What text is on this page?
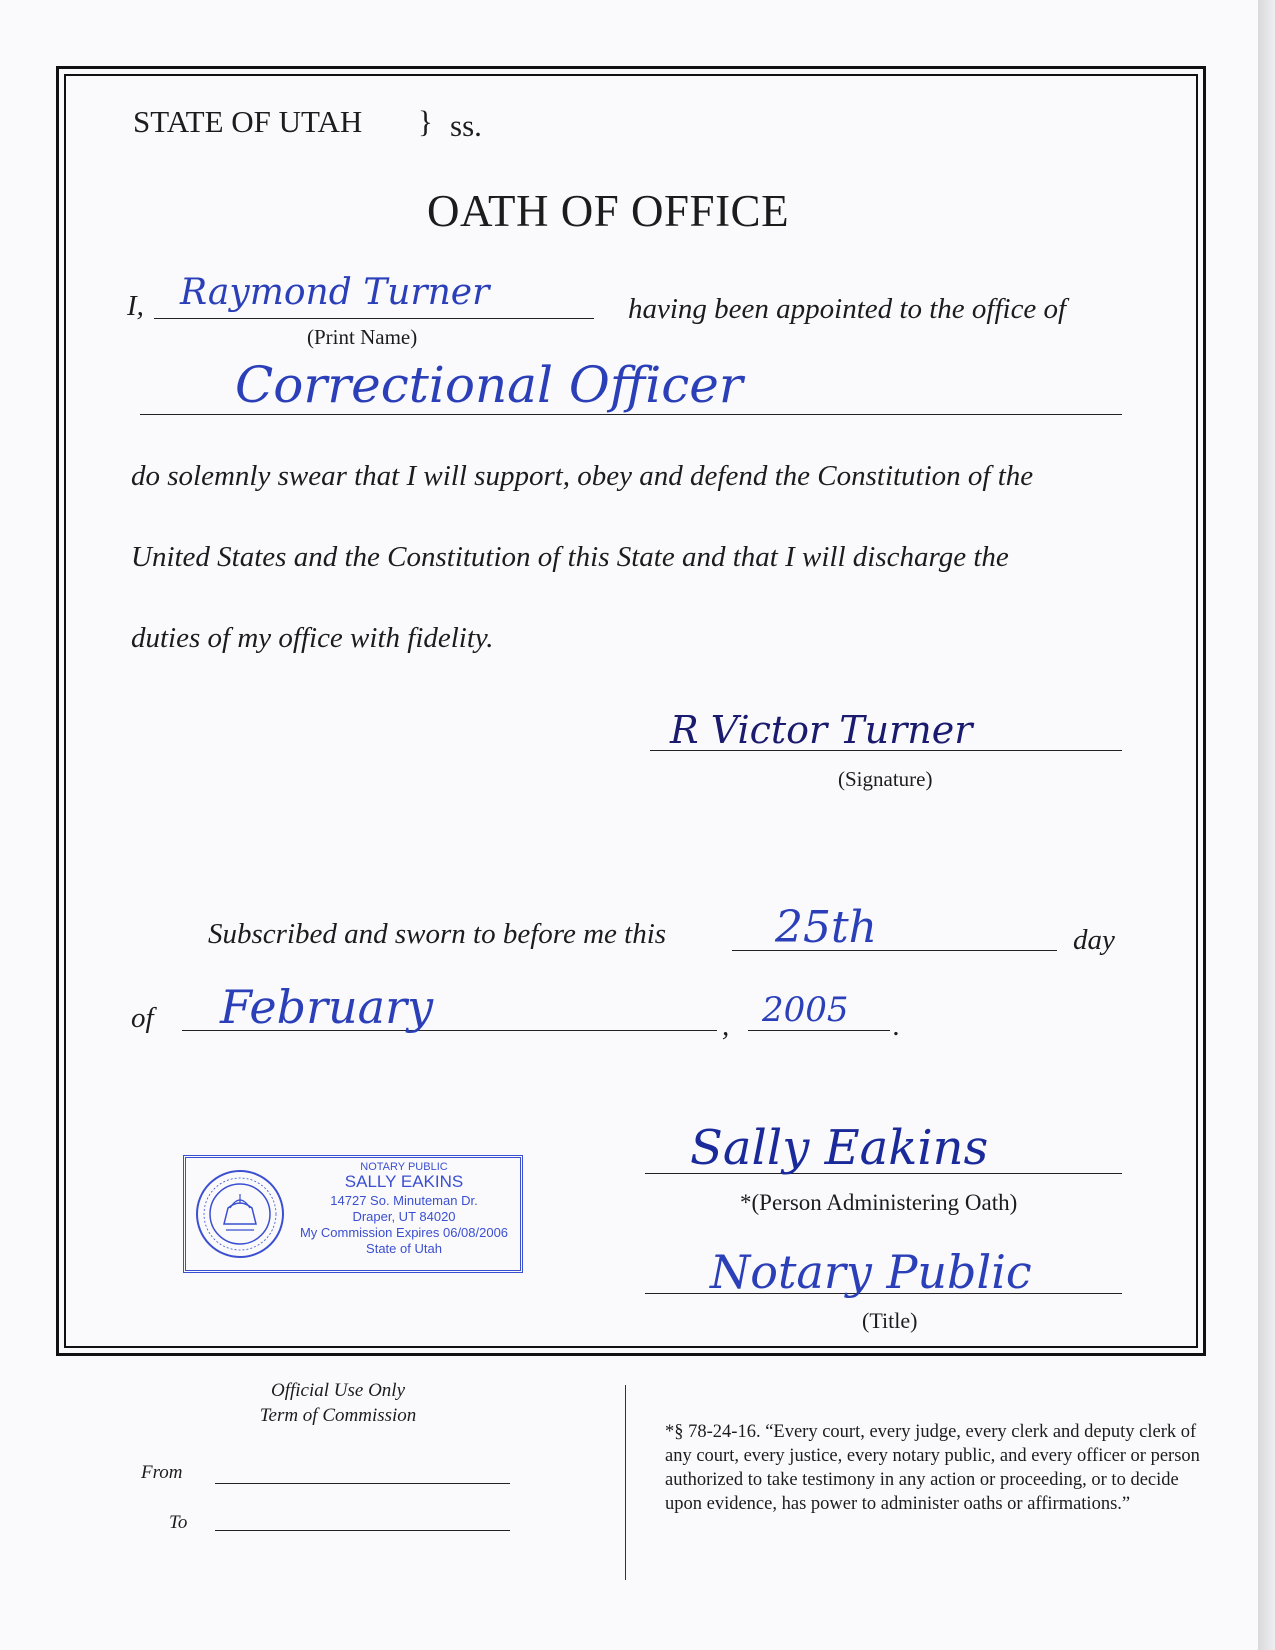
STATE OF UTAH } ss.
OATH OF OFFICE
I, Raymond Turner
(Print Name)
having been appointed to the office of
Correctional Officer
do solemnly swear that I will support, obey and defend the Constitution of the
United States and the Constitution of this State and that I will discharge the
duties of my office with fidelity.
R Victor Turner
(Signature)
Subscribed and sworn to before me this 25th	day
of February	, 2005 .
NOTARY PUBLIC
SALLY EAKINS
14727 So. Minuteman Dr.
Draper, UT 84020
My Commission Expires 06/08/2006
State of Utah
Sally Eakins
*(Person Administering Oath)
Notary Public
(Title)
Official Use Only
Term of Commission
From
To
*§ 78-24-16. “Every court, every judge, every clerk and deputy clerk of any court, every justice, every notary public, and every officer or person authorized to take testimony in any action or proceeding, or to decide upon evidence, has power to administer oaths or affirmations.”
